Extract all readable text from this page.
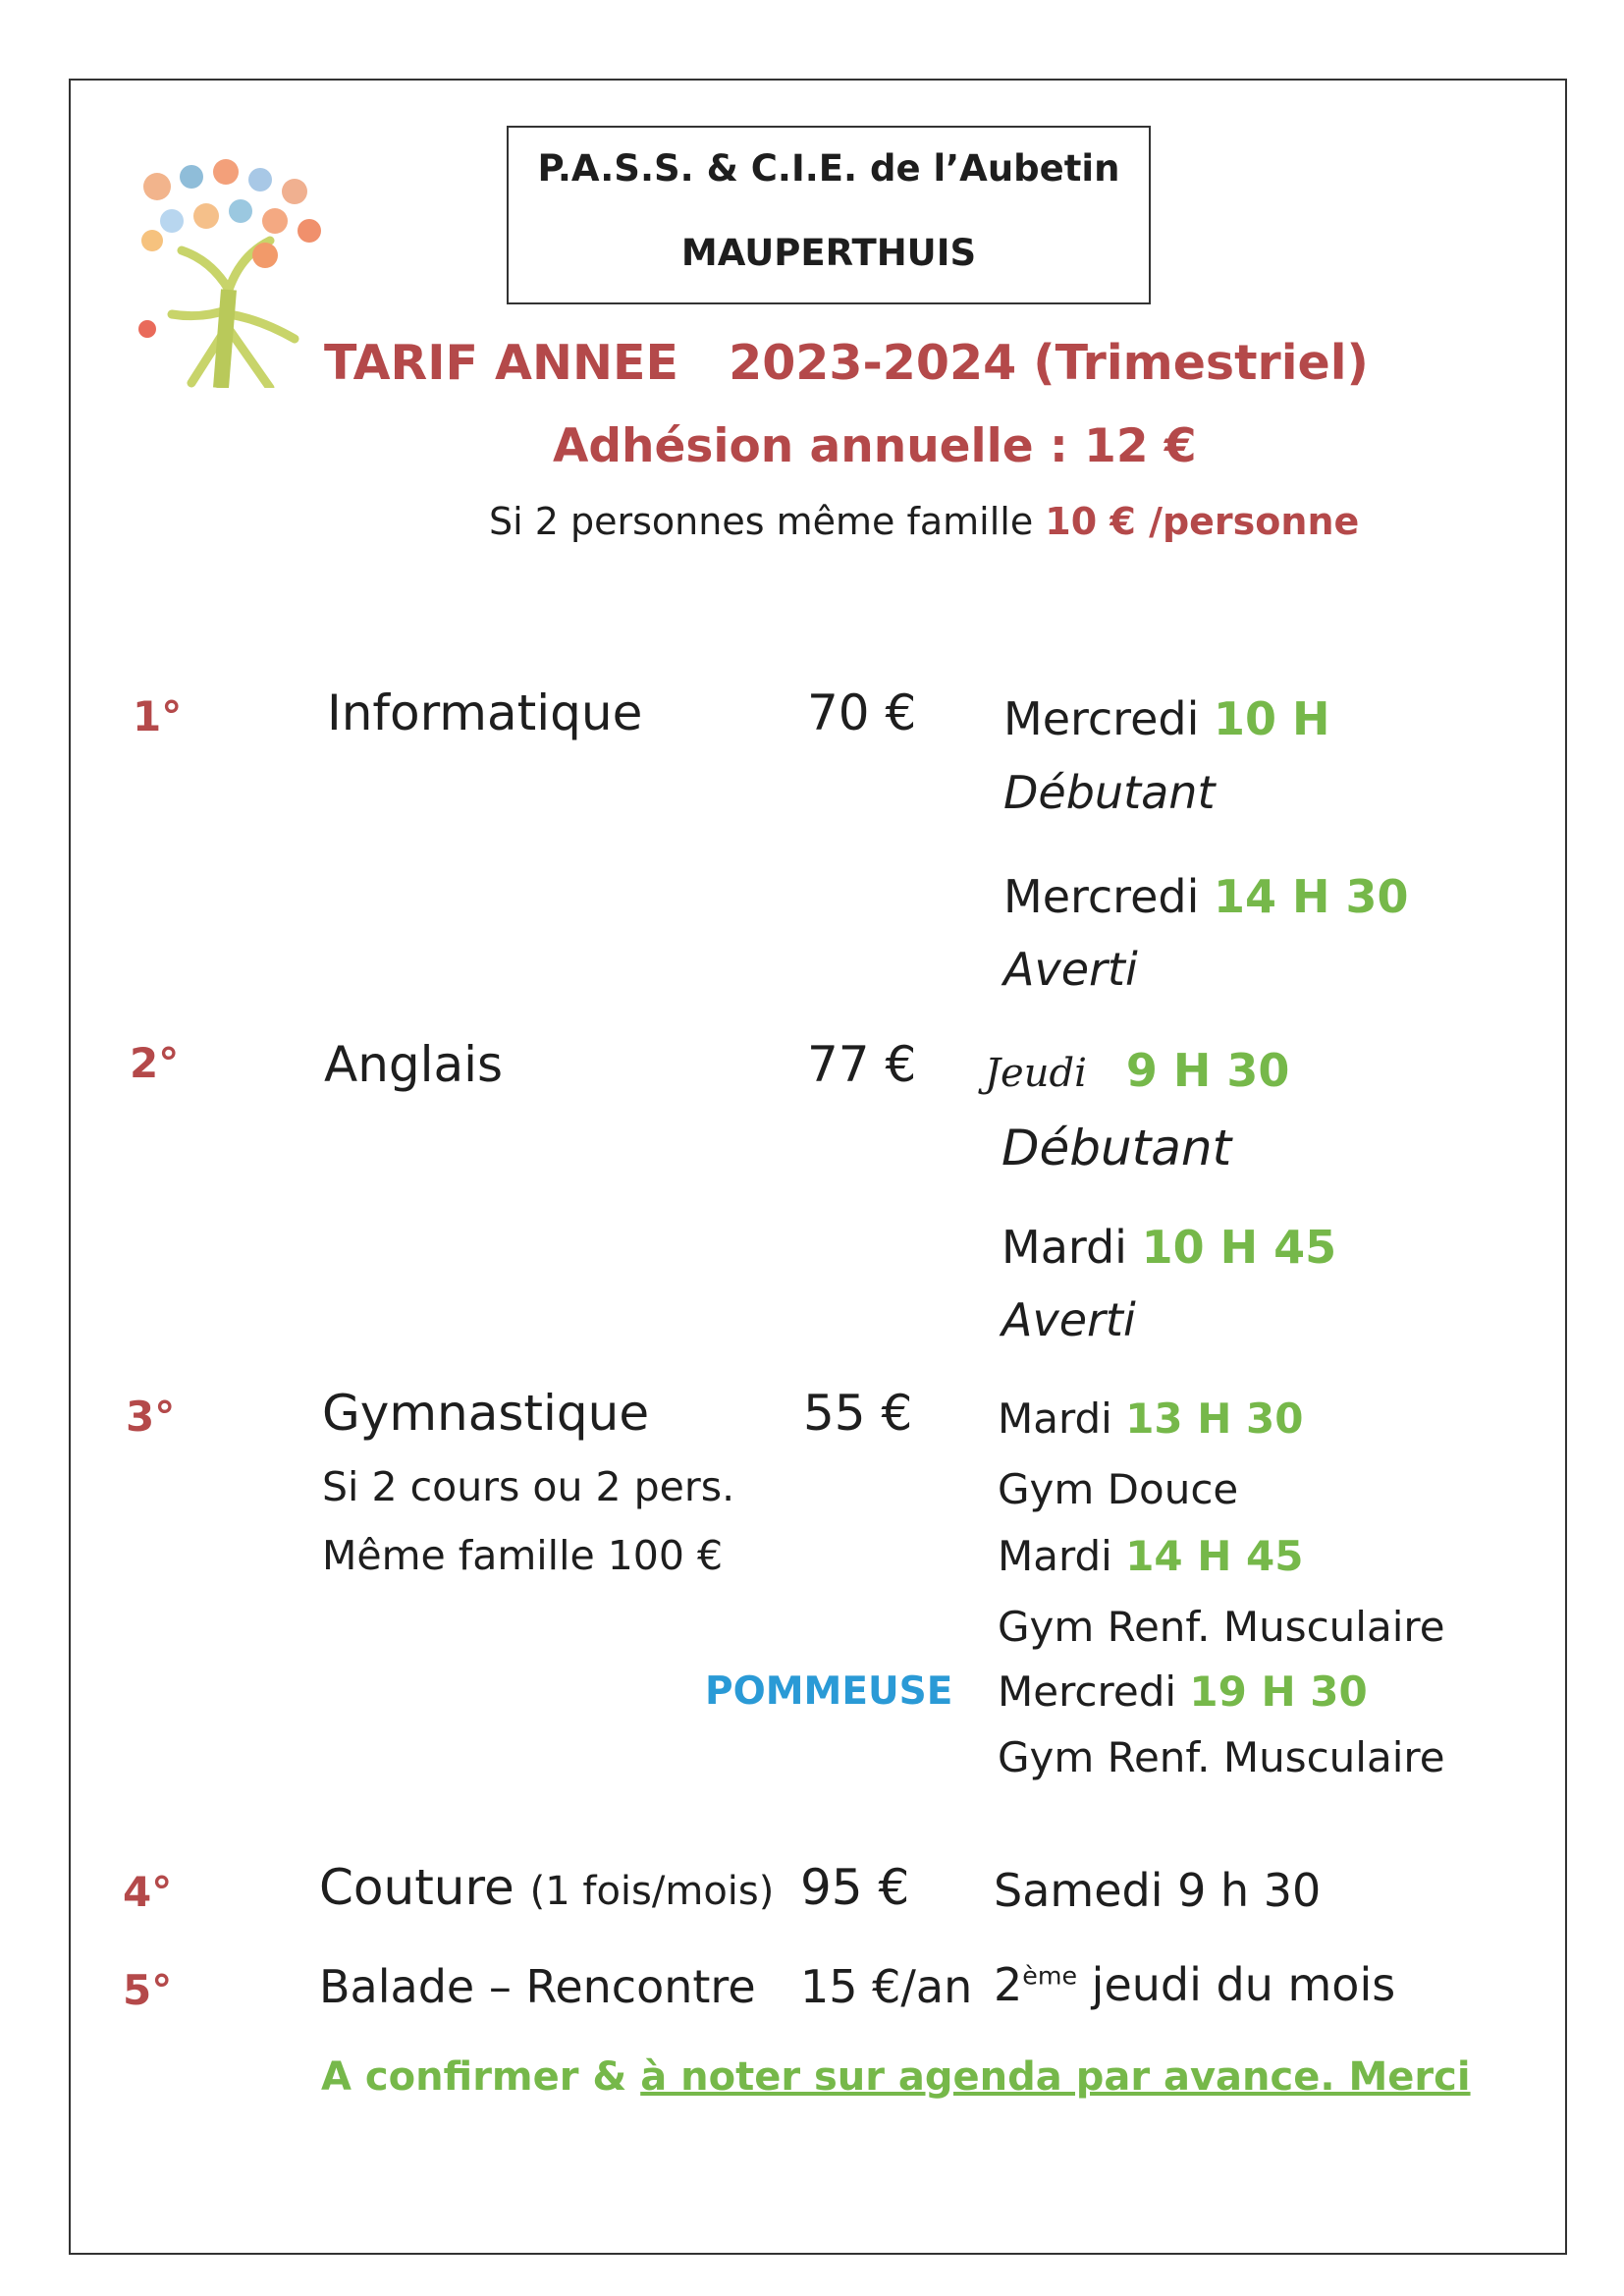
P.A.S.S. & C.I.E. de l’Aubetin
MAUPERTHUIS
TARIF ANNEE   2023-2024 (Trimestriel)
Adhésion annuelle : 12 €
Si 2 personnes même famille 10 € /personne
1°	Informatique	70 € Mercredi 10 H
Débutant
Mercredi 14 H 30
Averti
2°	Anglais	77 € Jeudi 9 H 30
Débutant
Mardi 10 H 45
Averti
3°	Gymnastique	55 €
Si 2 cours ou 2 pers.
Même famille 100 €
Mardi 13 H 30
Gym Douce
Mardi 14 H 45
Gym Renf. Musculaire
POMMEUSE Mercredi 19 H 30
Gym Renf. Musculaire
4°	Couture (1 fois/mois) 95 € Samedi 9 h 30
5°	Balade – Rencontre 15 €/an 2ème jeudi du mois
A confirmer & à noter sur agenda par avance. Merci
